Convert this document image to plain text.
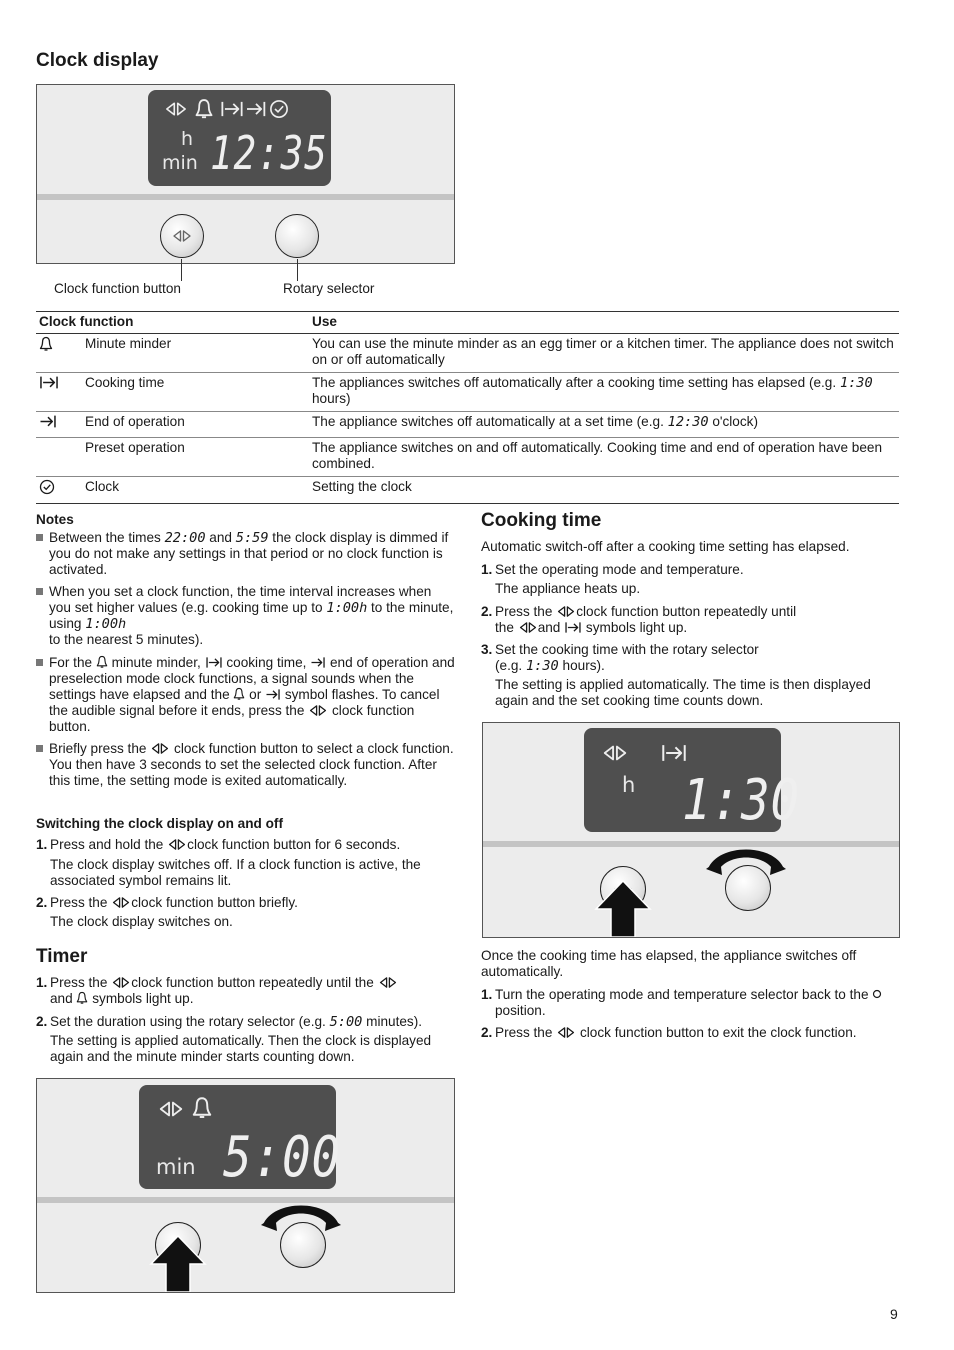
Clock display
h
min 12:35
Clock function button	Rotary selector
Clock function		Use
	Minute minder	You can use the minute minder as an egg timer or a kitchen timer. The appliance does not switch on or off automatically
	Cooking time	The appliances switches off automatically after a cooking time setting has elapsed (e.g. 1:30 hours)
	End of operation	The appliance switches off automatically at a set time (e.g. 12:30 o'clock)
	Preset operation	The appliance switches on and off automatically. Cooking time and end of operation have been combined.
	Clock	Setting the clock
Notes
Between the times 22:00 and 5:59 the clock display is dimmed if you do not make any settings in that period or no clock function is activated.
When you set a clock function, the time interval increases when you set higher values (e.g. cooking time up to 1:00h to the minute, using 1:00h
to the nearest 5 minutes).
For the  minute minder,  cooking time,  end of operation and preselection mode clock functions, a signal sounds when the settings have elapsed and the  or  symbol flashes. To cancel the audible signal before it ends, press the  clock function button.
Briefly press the  clock function button to select a clock function. You then have 3 seconds to set the selected clock function. After this time, the setting mode is exited automatically.
Switching the clock display on and off
1. Press and hold the clock function button for 6 seconds.
The clock display switches off. If a clock function is active, the associated symbol remains lit.
2. Press the clock function button briefly.
The clock display switches on.
Timer
1. Press the clock function button repeatedly until the
and  symbols light up.
2. Set the duration using the rotary selector (e.g. 5:00 minutes).
The setting is applied automatically. Then the clock is displayed again and the minute minder starts counting down.
min 5:00
Cooking time
Automatic switch-off after a cooking time setting has elapsed.
1. Set the operating mode and temperature.
The appliance heats up.
2. Press the clock function button repeatedly until
the and  symbols light up.
3. Set the cooking time with the rotary selector
(e.g. 1:30 hours).
The setting is applied automatically. The time is then displayed again and the set cooking time counts down.
h 1:30
Once the cooking time has elapsed, the appliance switches off automatically.
1. Turn the operating mode and temperature selector back to the  position.
2. Press the  clock function button to exit the clock function.
9
